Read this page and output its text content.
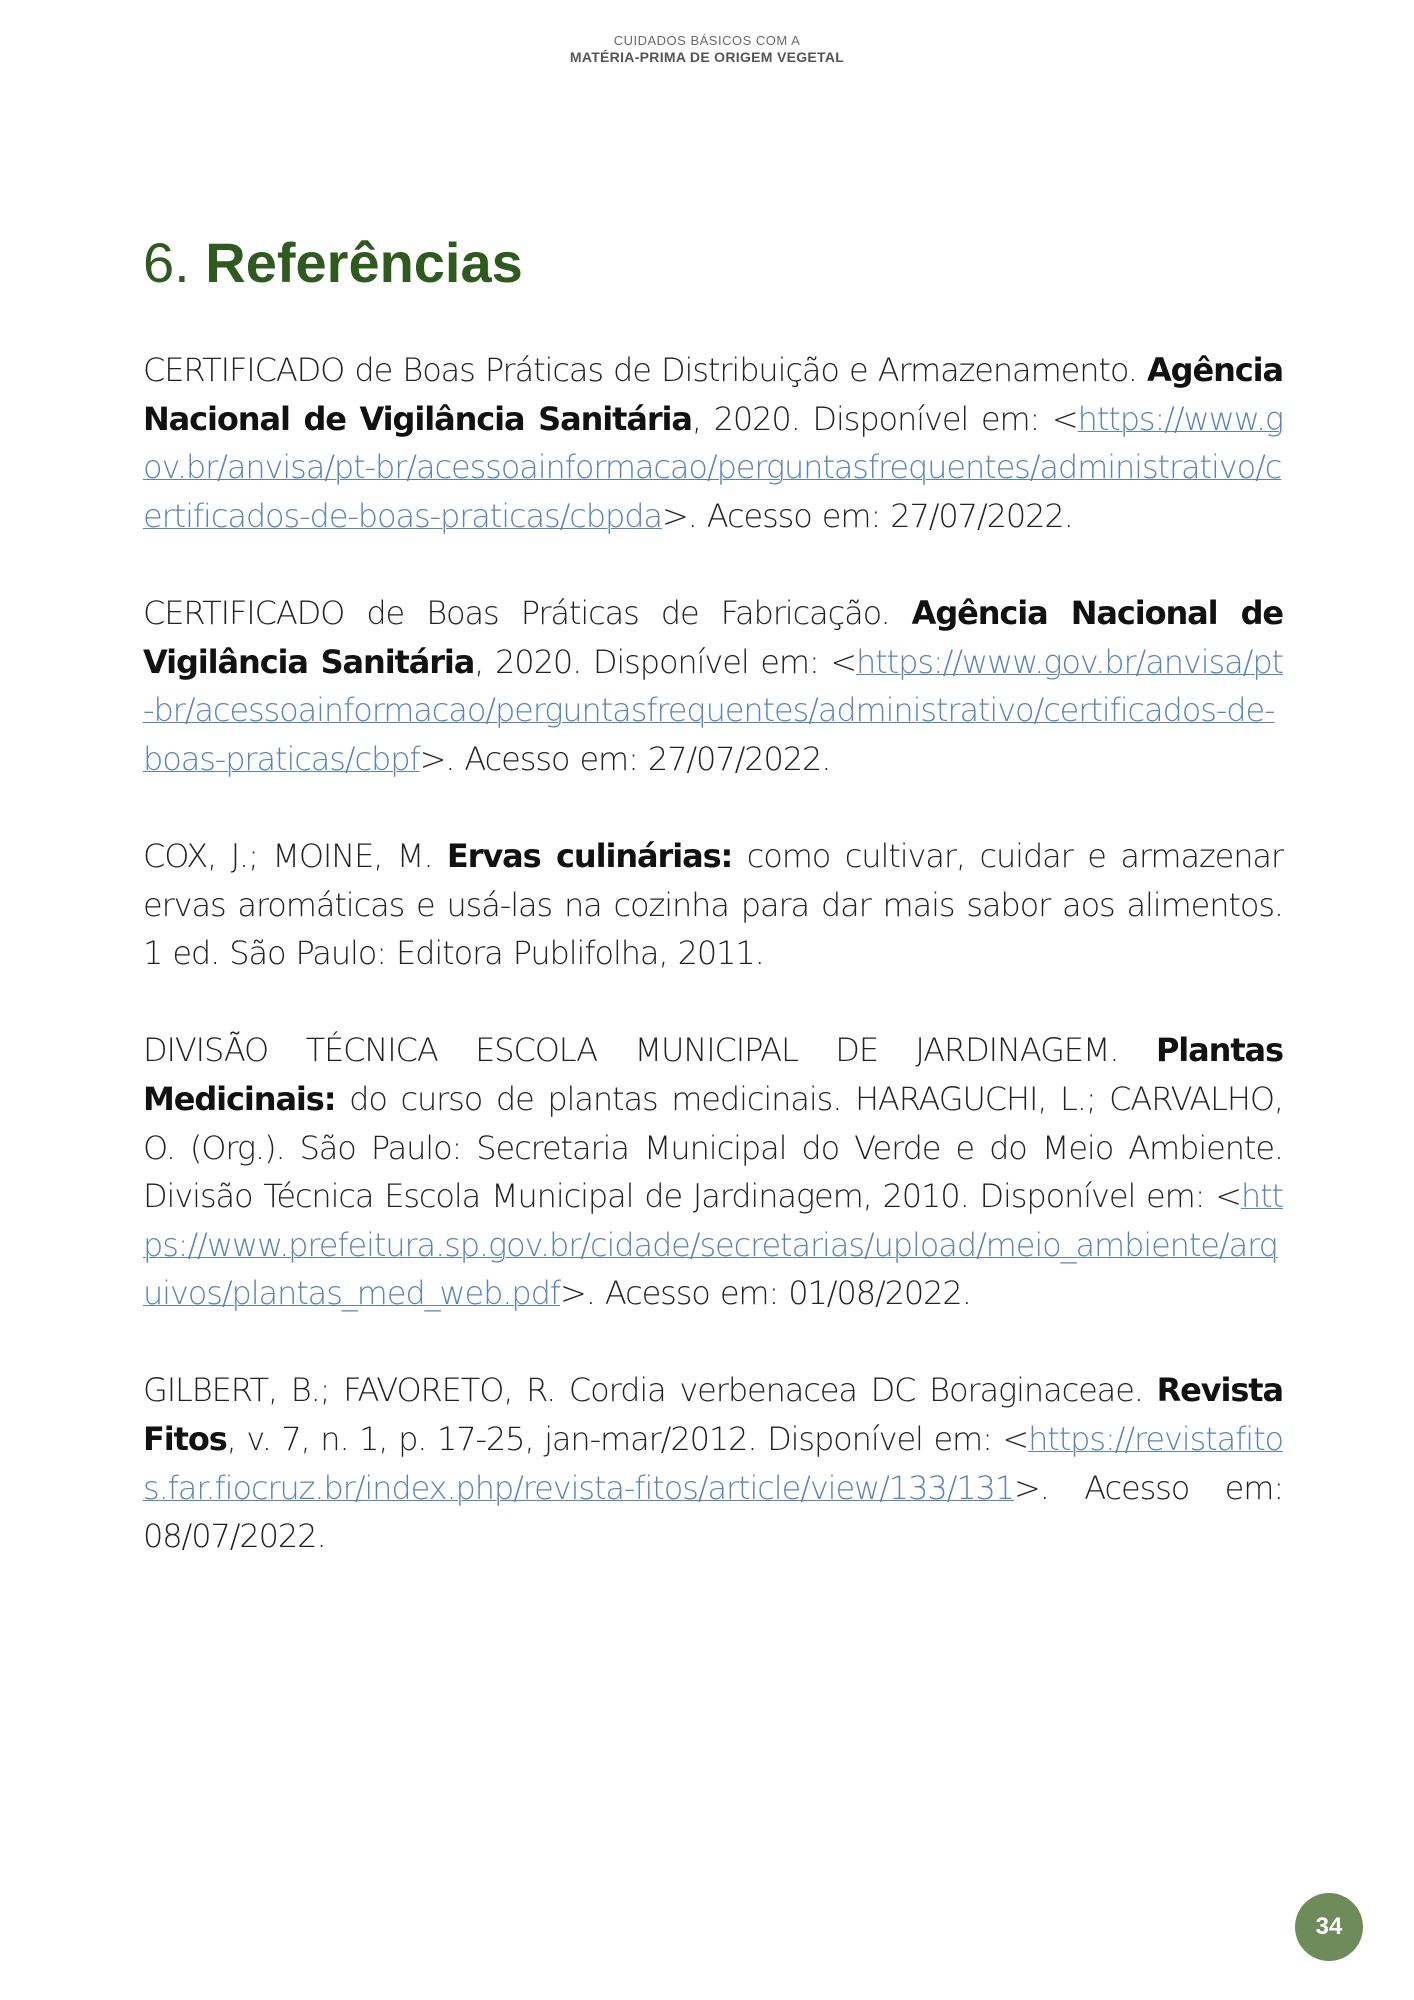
CUIDADOS BÁSICOS COM A
MATÉRIA-PRIMA DE ORIGEM VEGETAL
6. Referências

CERTIFICADO de Boas Práticas de Distribuição e Armazenamento. Agência Nacional de Vigilância Sanitária, 2020. Disponível em: <https://www.gov.br/anvisa/pt-br/acessoainformacao/perguntasfrequentes/administrativo/certificados-de-boas-praticas/cbpda>. Acesso em: 27/07/2022.

CERTIFICADO de Boas Práticas de Fabricação. Agência Nacional de Vigilância Sanitária, 2020. Disponível em: <https://www.gov.br/anvisa/pt-br/acessoainformacao/perguntasfrequentes/administrativo/certificados-de-boas-praticas/cbpf>. Acesso em: 27/07/2022.

COX, J.; MOINE, M. Ervas culinárias: como cultivar, cuidar e armazenar ervas aromáticas e usá-las na cozinha para dar mais sabor aos alimentos. 1 ed. São Paulo: Editora Publifolha, 2011.

DIVISÃO TÉCNICA ESCOLA MUNICIPAL DE JARDINAGEM. Plantas Medicinais: do curso de plantas medicinais. HARAGUCHI, L.; CARVALHO, O. (Org.). São Paulo: Secretaria Municipal do Verde e do Meio Ambiente. Divisão Técnica Escola Municipal de Jardinagem, 2010. Disponível em: <https://www.prefeitura.sp.gov.br/cidade/secretarias/upload/meio_ambiente/arquivos/plantas_med_web.pdf>. Acesso em: 01/08/2022.

GILBERT, B.; FAVORETO, R. Cordia verbenacea DC Boraginaceae. Revista Fitos, v. 7, n. 1, p. 17-25, jan-mar/2012. Disponível em: <https://revistafitos.far.fiocruz.br/index.php/revista-fitos/article/view/133/131>. Acesso em: 08/07/2022.

34
